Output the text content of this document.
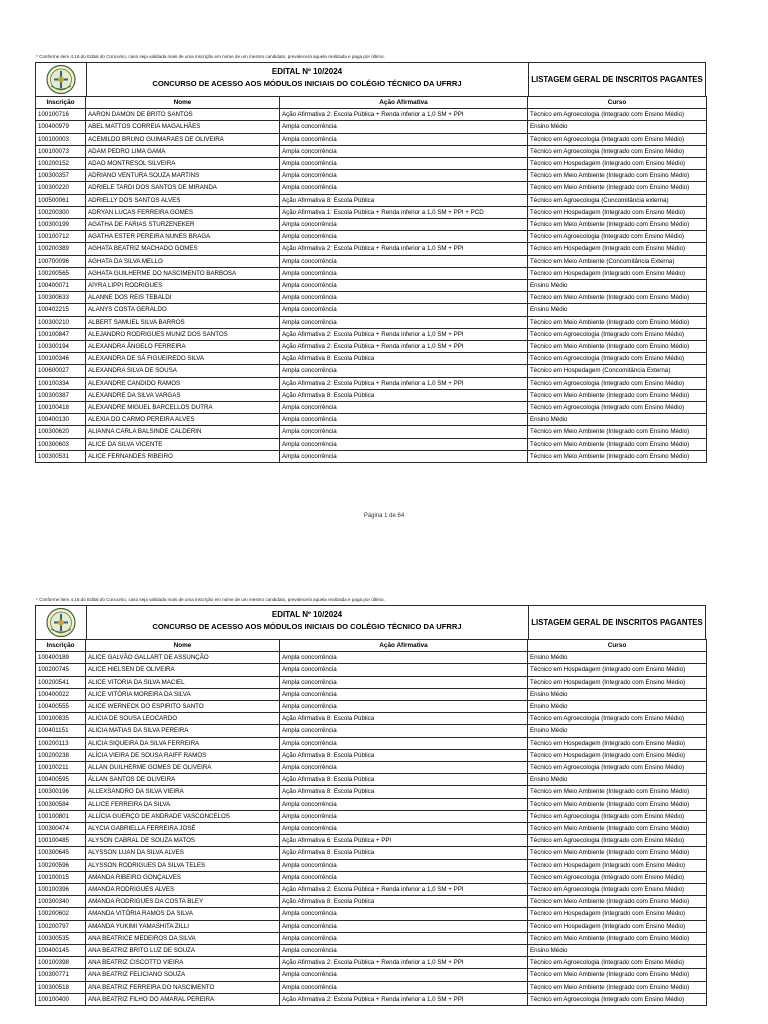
* Conforme item 4.16 do Edital do Concurso, caso seja validada mais de uma inscrição em nome de um mesmo candidato, prevalecerá aquela realizada e paga por último.
EDITAL Nº 10/2024
CONCURSO DE ACESSO AOS MÓDULOS INICIAIS DO COLÉGIO TÉCNICO DA UFRRJ	LISTAGEM GERAL DE INSCRITOS PAGANTES
Inscrição	Nome	Ação Afirmativa	Curso
100100716	AARON DAMON DE BRITO SANTOS	Ação Afirmativa 2: Escola Pública + Renda inferior a 1,0 SM + PPI	Técnico em Agroecologia (Integrado com Ensino Médio)
100400979	ABEL MATTOS CORREIA MAGALHÃES	Ampla concorrência	Ensino Médio
100100003	ACEMILDO BRUNO GUIMARAES DE OLIVEIRA	Ampla concorrência	Técnico em Agroecologia (Integrado com Ensino Médio)
100100073	ADAM PEDRO LIMA GAMA	Ampla concorrência	Técnico em Agroecologia (Integrado com Ensino Médio)
100200152	ADAO MONTRESOL SILVEIRA	Ampla concorrência	Técnico em Hospedagem (Integrado com Ensino Médio)
100300357	ADRIANO VENTURA SOUZA MARTINS	Ampla concorrência	Técnico em Meio Ambiente (Integrado com Ensino Médio)
100300220	ADRIELE TARDI DOS SANTOS DE MIRANDA	Ampla concorrência	Técnico em Meio Ambiente (Integrado com Ensino Médio)
100500061	ADRIELLY DOS SANTOS ALVES	Ação Afirmativa 8: Escola Pública	Técnico em Agroecologia (Concomitância externa)
100200300	ADRYAN LUCAS FERREIRA GOMES	Ação Afirmativa 1: Escola Pública + Renda inferior a 1,0 SM + PPI + PCD	Técnico em Hospedagem (Integrado com Ensino Médio)
100300199	AGATHA DE FARIAS STURZENEKER	Ampla concorrência	Técnico em Meio Ambiente (Integrado com Ensino Médio)
100100712	AGATHA ESTER PEREIRA NUNES BRAGA	Ampla concorrência	Técnico em Agroecologia (Integrado com Ensino Médio)
100200389	AGHATA BEATRIZ MACHADO GOMES	Ação Afirmativa 2: Escola Pública + Renda inferior a 1,0 SM + PPI	Técnico em Hospedagem (Integrado com Ensino Médio)
100700096	AGHATA DA SILVA MELLO	Ampla concorrência	Técnico em Meio Ambiente (Concomitância Externa)
100200565	AGHATA GUILHERME DO NASCIMENTO BARBOSA	Ampla concorrência	Técnico em Hospedagem (Integrado com Ensino Médio)
100400071	AIYRA LIPPI RODRIGUES	Ampla concorrência	Ensino Médio
100300633	ALANNE DOS REIS TEBALDI	Ampla concorrência	Técnico em Meio Ambiente (Integrado com Ensino Médio)
100402215	ALANYS COSTA GERALDO	Ampla concorrência	Ensino Médio
100300210	ALBERT SAMUEL SILVA BARROS	Ampla concorrência	Técnico em Meio Ambiente (Integrado com Ensino Médio)
100100847	ALEJANDRO RODRIGUES MUNIZ DOS SANTOS	Ação Afirmativa 2: Escola Pública + Renda inferior a 1,0 SM + PPI	Técnico em Agroecologia (Integrado com Ensino Médio)
100300194	ALEXANDRA ÂNGELO FERREIRA	Ação Afirmativa 2: Escola Pública + Renda inferior a 1,0 SM + PPI	Técnico em Meio Ambiente (Integrado com Ensino Médio)
100100346	ALEXANDRA DE SÁ FIGUEIREDO SILVA	Ação Afirmativa 8: Escola Pública	Técnico em Agroecologia (Integrado com Ensino Médio)
100600027	ALEXANDRA SILVA DE SOUSA	Ampla concorrência	Técnico em Hospedagem (Concomitância Externa)
100100334	ALEXANDRE CANDIDO RAMOS	Ação Afirmativa 2: Escola Pública + Renda inferior a 1,0 SM + PPI	Técnico em Agroecologia (Integrado com Ensino Médio)
100300387	ALEXANDRE DA SILVA VARGAS	Ação Afirmativa 8: Escola Pública	Técnico em Meio Ambiente (Integrado com Ensino Médio)
100100418	ALEXANDRE MIGUEL BARCELLOS DUTRA	Ampla concorrência	Técnico em Agroecologia (Integrado com Ensino Médio)
100400130	ALEXIA DO CARMO PEREIRA ALVES	Ampla concorrência	Ensino Médio
100300620	ALIANNA CARLA BALSINDE CALDERIN	Ampla concorrência	Técnico em Meio Ambiente (Integrado com Ensino Médio)
100300603	ALICE DA SILVA VICENTE	Ampla concorrência	Técnico em Meio Ambiente (Integrado com Ensino Médio)
100300531	ALICE FERNANDES RIBEIRO	Ampla concorrência	Técnico em Meio Ambiente (Integrado com Ensino Médio)
Página 1 de 64
* Conforme item 4.16 do Edital do Concurso, caso seja validada mais de uma inscrição em nome de um mesmo candidato, prevalecerá aquela realizada e paga por último.
EDITAL Nº 10/2024
CONCURSO DE ACESSO AOS MÓDULOS INICIAIS DO COLÉGIO TÉCNICO DA UFRRJ	LISTAGEM GERAL DE INSCRITOS PAGANTES
Inscrição	Nome	Ação Afirmativa	Curso
100400189	ALICE GALVÃO GALLART DE ASSUNÇÃO	Ampla concorrência	Ensino Médio
100200745	ALICE HIELSEN DE OLIVEIRA	Ampla concorrência	Técnico em Hospedagem (Integrado com Ensino Médio)
100200541	ALICE VITORIA DA SILVA MACIEL	Ampla concorrência	Técnico em Hospedagem (Integrado com Ensino Médio)
100400022	ALICE VITÓRIA MOREIRA DA SILVA	Ampla concorrência	Ensino Médio
100400555	ALICE WERNECK DO ESPIRITO SANTO	Ampla concorrência	Ensino Médio
100100835	ALICIA DE SOUSA LEOCARDO	Ação Afirmativa 8: Escola Pública	Técnico em Agroecologia (Integrado com Ensino Médio)
100401151	ALICIA MATIAS DA SILVA PEREIRA	Ampla concorrência	Ensino Médio
100200113	ALICIA SIQUEIRA DA SILVA FERREIRA	Ampla concorrência	Técnico em Hospedagem (Integrado com Ensino Médio)
100200238	ALÍCIA VIEIRA DE SOUSA RAIFF RAMOS	Ação Afirmativa 8: Escola Pública	Técnico em Hospedagem (Integrado com Ensino Médio)
100100211	ALLAN GUILHERME GOMES DE OLIVEIRA	Ampla concorrência	Técnico em Agroecologia (Integrado com Ensino Médio)
100400595	ÁLLAN SANTOS DE OLIVEIRA	Ação Afirmativa 8: Escola Pública	Ensino Médio
100300196	ALLEXSANDRO DA SILVA VIEIRA	Ação Afirmativa 8: Escola Pública	Técnico em Meio Ambiente (Integrado com Ensino Médio)
100300584	ALLICE FERREIRA DA SILVA	Ampla concorrência	Técnico em Meio Ambiente (Integrado com Ensino Médio)
100100801	ALLÍCIA GUERÇO DE ANDRADE VASCONCELOS	Ampla concorrência	Técnico em Agroecologia (Integrado com Ensino Médio)
100300474	ALYCIA GABRIELLA FERREIRA JOSÉ	Ampla concorrência	Técnico em Meio Ambiente (Integrado com Ensino Médio)
100100485	ALYSON CABRAL DE SOUZA MATOS	Ação Afirmativa 6: Escola Pública + PPI	Técnico em Agroecologia (Integrado com Ensino Médio)
100300645	ALYSSON LUAN DA SILVA ALVES	Ação Afirmativa 8: Escola Pública	Técnico em Meio Ambiente (Integrado com Ensino Médio)
100200596	ALYSSON RODRIGUES DA SILVA TELES	Ampla concorrência	Técnico em Hospedagem (Integrado com Ensino Médio)
100100015	AMANDA RIBEIRO GONÇALVES	Ampla concorrência	Técnico em Agroecologia (Integrado com Ensino Médio)
100100396	AMANDA RODRIGUES ALVES	Ação Afirmativa 2: Escola Pública + Renda inferior a 1,0 SM + PPI	Técnico em Agroecologia (Integrado com Ensino Médio)
100300340	AMANDA RODRIGUES DA COSTA BLEY	Ação Afirmativa 8: Escola Pública	Técnico em Meio Ambiente (Integrado com Ensino Médio)
100200602	AMANDA VITÓRIA RAMOS DA SILVA	Ampla concorrência	Técnico em Hospedagem (Integrado com Ensino Médio)
100200797	AMANDA YUKIMI YAMASHITA ZILLI	Ampla concorrência	Técnico em Hospedagem (Integrado com Ensino Médio)
100300535	ANA BEATRICE MEDEIROS DA SILVA	Ampla concorrência	Técnico em Meio Ambiente (Integrado com Ensino Médio)
100400145	ANA BEATRIZ BRITO LUZ DE SOUZA	Ampla concorrência	Ensino Médio
100100398	ANA BEATRIZ CISCOTTO VIEIRA	Ação Afirmativa 2: Escola Pública + Renda inferior a 1,0 SM + PPI	Técnico em Agroecologia (Integrado com Ensino Médio)
100300771	ANA BEATRIZ FELICIANO SOUZA	Ampla concorrência	Técnico em Meio Ambiente (Integrado com Ensino Médio)
100300518	ANA BEATRIZ FERREIRA DO NASCIMENTO	Ampla concorrência	Técnico em Meio Ambiente (Integrado com Ensino Médio)
100100400	ANA BEATRIZ FILHO DO AMARAL PEREIRA	Ação Afirmativa 2: Escola Pública + Renda inferior a 1,0 SM + PPI	Técnico em Agroecologia (Integrado com Ensino Médio)
